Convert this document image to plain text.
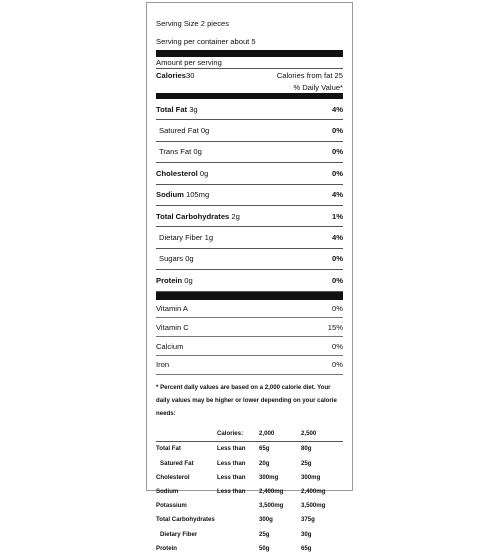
Serving Size 2 pieces
Serving per container about 5
Amount per serving
Calories30	Calories from fat 25
% Daily Value*
Total Fat 3g	4%
Satured Fat 0g	0%
Trans Fat 0g	0%
Cholesterol 0g	0%
Sodium 105mg	4%
Total Carbohydrates 2g	1%
Dietary Fiber 1g	4%
Sugars 0g	0%
Protein 0g	0%
Vitamin A	0%
Vitamin C	15%
Calcium	0%
Iron	0%
* Percent daily values are based on a 2,000 calorie diet. Your daily values may be higher or lower depending on your calorie needs:
	Calories:	2,000	2,500
Total Fat	Less than	65g	80g
Satured Fat	Less than	20g	25g
Cholesterol	Less than	300mg	300mg
Sodium	Less than	2,400mg	2,400mg
Potassium		3,500mg	3,500mg
Total Carbohydrates		300g	375g
Dietary Fiber		25g	30g
Protein		50g	65g
